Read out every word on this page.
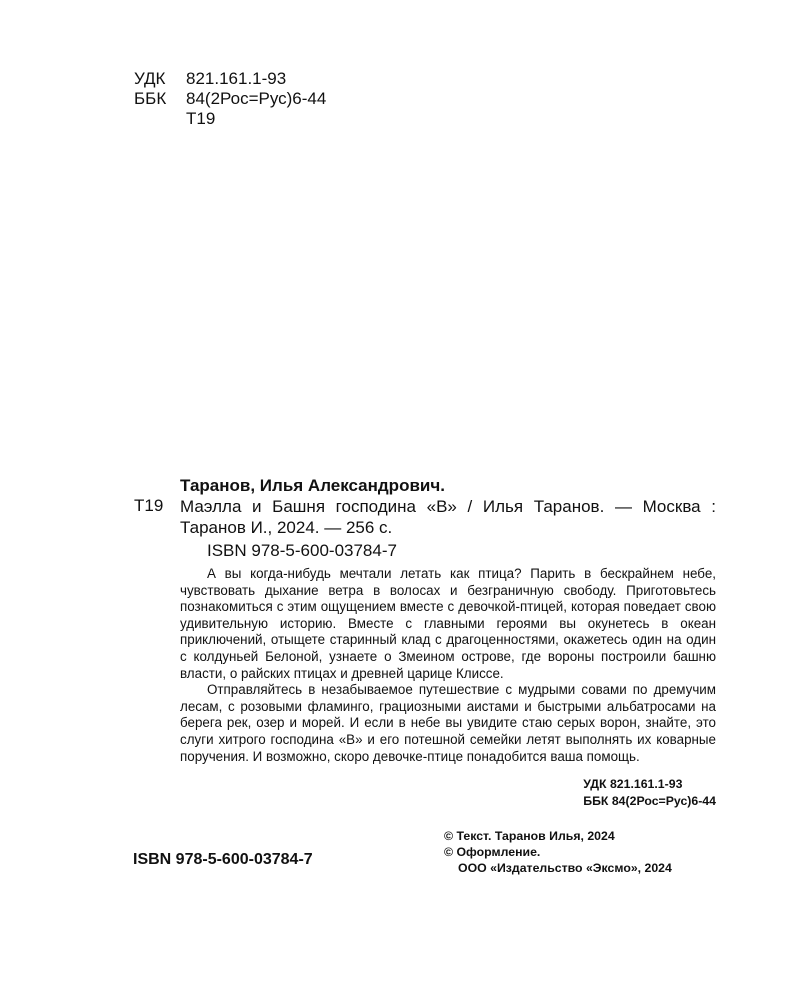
УДК 821.161.1-93
ББК 84(2Рос=Рус)6-44
Т19
Таранов, Илья Александрович.
Т19 Маэлла и Башня господина «В» / Илья Таранов. — Москва : Таранов И., 2024. — 256 с.
ISBN 978-5-600-03784-7

А вы когда-нибудь мечтали летать как птица? Парить в бескрайнем небе, чувствовать дыхание ветра в волосах и безграничную свободу. Приготовьтесь познакомиться с этим ощущением вместе с девочкой-птицей, которая поведает свою удивительную историю. Вместе с главными героями вы окунетесь в океан приключений, отыщете старинный клад с драгоценностями, окажетесь один на один с колдуньей Белоной, узнаете о Змеином острове, где вороны построили башню власти, о райских птицах и древней царице Клиссе.

Отправляйтесь в незабываемое путешествие с мудрыми совами по дремучим лесам, с розовыми фламинго, грациозными аистами и быстрыми альбатросами на берега рек, озер и морей. И если в небе вы увидите стаю серых ворон, знайте, это слуги хитрого господина «В» и его потешной семейки летят выполнять их коварные поручения. И возможно, скоро девочке-птице понадобится ваша помощь.

УДК 821.161.1-93
ББК 84(2Рос=Рус)6-44
© Текст. Таранов Илья, 2024
© Оформление.
ООО «Издательство «Эксмо», 2024
ISBN 978-5-600-03784-7
